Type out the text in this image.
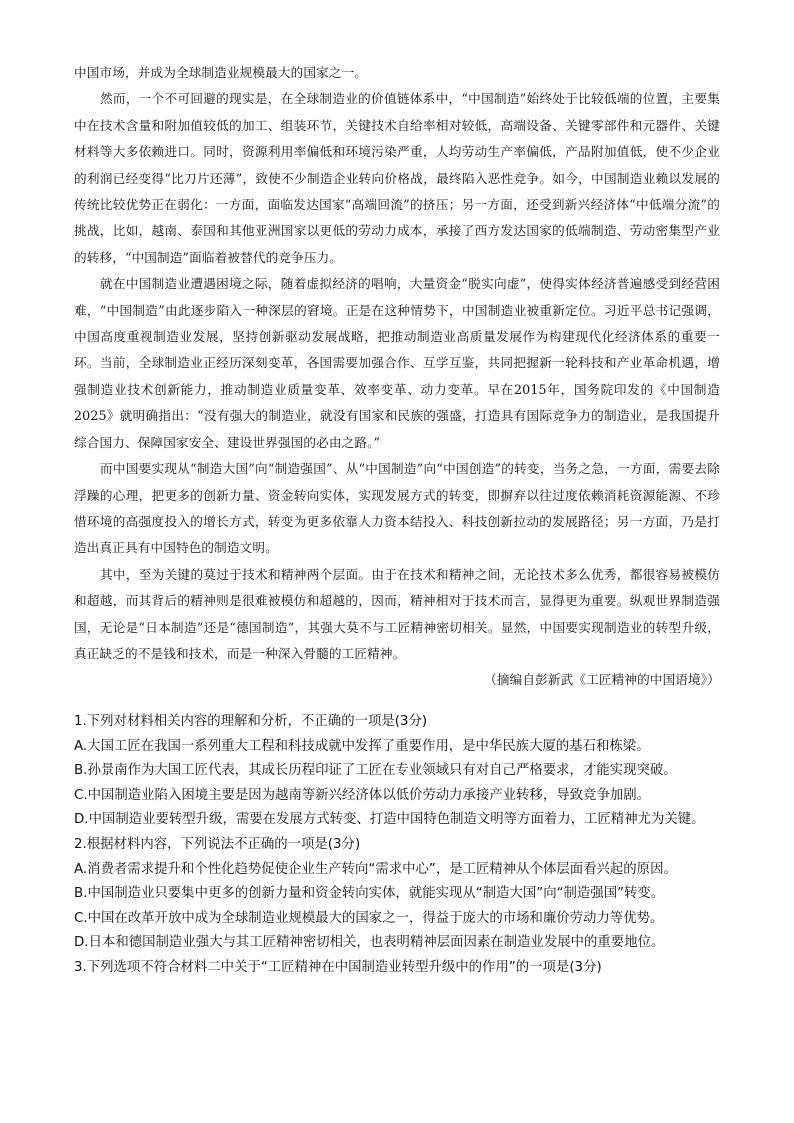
中国市场，并成为全球制造业规模最大的国家之一。

然而，一个不可回避的现实是，在全球制造业的价值链体系中，“中国制造”始终处于比较低端的位置，主要集中在技术含量和附加值较低的加工、组装环节，关键技术自给率相对较低，高端设备、关键零部件和元器件、关键材料等大多依赖进口。同时，资源利用率偏低和环境污染严重，人均劳动生产率偏低，产品附加值低，使不少企业的利润已经变得“比刀片还薄”，致使不少制造企业转向价格战，最终陷入恶性竞争。如今，中国制造业赖以发展的传统比较优势正在弱化：一方面，面临发达国家“高端回流”的挤压；另一方面，还受到新兴经济体“中低端分流”的挑战，比如，越南、泰国和其他亚洲国家以更低的劳动力成本，承接了西方发达国家的低端制造、劳动密集型产业的转移，“中国制造”面临着被替代的竞争压力。

就在中国制造业遭遇困境之际，随着虚拟经济的唱响，大量资金“脱实向虚”，使得实体经济普遍感受到经营困难，“中国制造”由此逐步陷入一种深层的窘境。正是在这种情势下，中国制造业被重新定位。习近平总书记强调，中国高度重视制造业发展，坚持创新驱动发展战略，把推动制造业高质量发展作为构建现代化经济体系的重要一环。当前，全球制造业正经历深刻变革，各国需要加强合作、互学互鉴，共同把握新一轮科技和产业革命机遇，增强制造业技术创新能力，推动制造业质量变革、效率变革、动力变革。早在2015年，国务院印发的《中国制造2025》就明确指出：“没有强大的制造业，就没有国家和民族的强盛，打造具有国际竞争力的制造业，是我国提升综合国力、保障国家安全、建设世界强国的必由之路。”

而中国要实现从“制造大国”向“制造强国”、从“中国制造”向“中国创造”的转变，当务之急，一方面，需要去除浮躁的心理，把更多的创新力量、资金转向实体，实现发展方式的转变，即摒弃以往过度依赖消耗资源能源、不珍惜环境的高强度投入的增长方式，转变为更多依靠人力资本结投入、科技创新拉动的发展路径；另一方面，乃是打造出真正具有中国特色的制造文明。

其中，至为关键的莫过于技术和精神两个层面。由于在技术和精神之间，无论技术多么优秀，都很容易被模仿和超越，而其背后的精神则是很难被模仿和超越的，因而，精神相对于技术而言，显得更为重要。纵观世界制造强国，无论是“日本制造”还是“德国制造”，其强大莫不与工匠精神密切相关。显然，中国要实现制造业的转型升级，真正缺乏的不是钱和技术，而是一种深入骨髓的工匠精神。

（摘编自彭新武《工匠精神的中国语境》）

1.下列对材料相关内容的理解和分析，不正确的一项是(3分)

A.大国工匠在我国一系列重大工程和科技成就中发挥了重要作用，是中华民族大厦的基石和栋梁。

B.孙景南作为大国工匠代表，其成长历程印证了工匠在专业领域只有对自己严格要求，才能实现突破。

C.中国制造业陷入困境主要是因为越南等新兴经济体以低价劳动力承接产业转移，导致竞争加剧。

D.中国制造业要转型升级，需要在发展方式转变、打造中国特色制造文明等方面着力，工匠精神尤为关键。

2.根据材料内容，下列说法不正确的一项是(3分)

A.消费者需求提升和个性化趋势促使企业生产转向“需求中心”，是工匠精神从个体层面看兴起的原因。

B.中国制造业只要集中更多的创新力量和资金转向实体，就能实现从“制造大国”向“制造强国”转变。

C.中国在改革开放中成为全球制造业规模最大的国家之一，得益于庞大的市场和廉价劳动力等优势。

D.日本和德国制造业强大与其工匠精神密切相关，也表明精神层面因素在制造业发展中的重要地位。

3.下列选项不符合材料二中关于“工匠精神在中国制造业转型升级中的作用”的一项是(3分)
